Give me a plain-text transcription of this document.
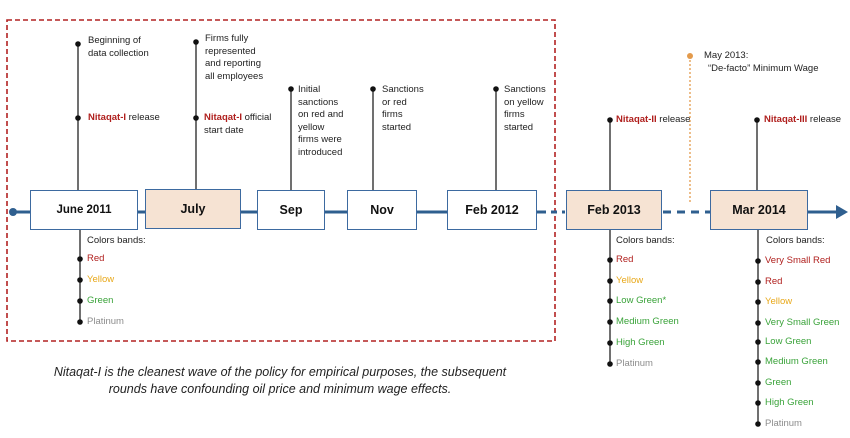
June 2011	July	Sep	Nov	Feb 2012	Feb 2013	Mar 2014
Beginning of
data collection
Nitaqat-I release
Firms fully
represented
and reporting
all employees
Nitaqat-I official
start date
Initial
sanctions
on red and
yellow
firms were
introduced
Sanctions
or red
firms
started
Sanctions
on yellow
firms
started
Nitaqat-II release	Nitaqat-III release
May 2013:
“De-facto” Minimum Wage
Colors bands:
Red
Yellow
Green
Platinum
Colors bands:
Red
Yellow
Low Green*
Medium Green
High Green
Platinum
Colors bands:
Very Small Red
Red
Yellow
Very Small Green
Low Green
Medium Green
Green
High Green
Platinum
Nitaqat-I is the cleanest wave of the policy for empirical purposes, the subsequent
rounds have confounding oil price and minimum wage effects.
